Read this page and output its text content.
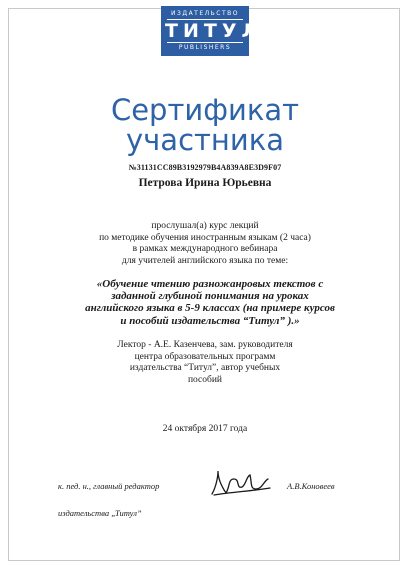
ИЗДАТЕЛЬСТВО
ТИТУЛ
PUBLISHERS
Сертификат
участника
№31131CC89B3192979B4A839A8E3D9F07
Петрова Ирина Юрьевна
прослушал(а) курс лекций
по методике обучения иностранным языкам (2 часа)
в рамках международного вебинара
для учителей английского языка по теме:
«Обучение чтению разножанровых текстов с
заданной глубиной понимания на уроках
английского языка в 5-9 классах (на примере курсов
и пособий издательства “Титул” ).»
Лектор - А.Е. Казенчева, зам. руководителя
центра образовательных программ
издательства “Титул”, автор учебных
пособий
24 октября 2017 года
к. пед. н., главный редактор
издательства „Титул”
А.В.Коновеев
